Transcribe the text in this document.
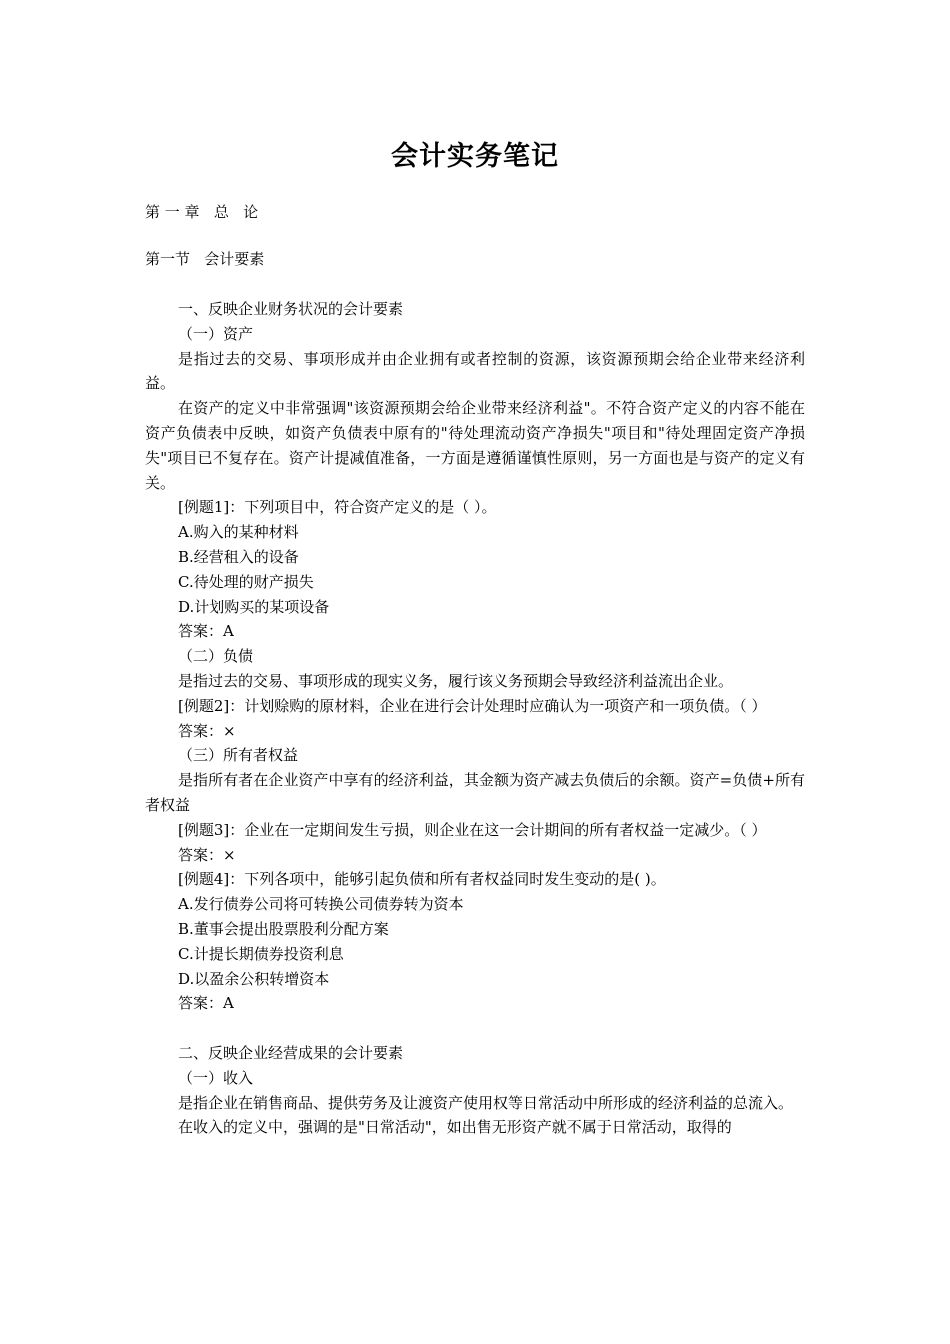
会计实务笔记
第 一 章   总   论
第一节   会计要素

一、反映企业财务状况的会计要素

（一）资产

是指过去的交易、事项形成并由企业拥有或者控制的资源，该资源预期会给企业带来经济利益。

在资产的定义中非常强调"该资源预期会给企业带来经济利益"。不符合资产定义的内容不能在资产负债表中反映，如资产负债表中原有的"待处理流动资产净损失"项目和"待处理固定资产净损失"项目已不复存在。资产计提减值准备，一方面是遵循谨慎性原则，另一方面也是与资产的定义有关。

[例题1]：下列项目中，符合资产定义的是（ ）。

A.购入的某种材料

B.经营租入的设备

C.待处理的财产损失

D.计划购买的某项设备

答案：A

（二）负债

是指过去的交易、事项形成的现实义务，履行该义务预期会导致经济利益流出企业。

[例题2]：计划赊购的原材料，企业在进行会计处理时应确认为一项资产和一项负债。（ ）

答案：×

（三）所有者权益

是指所有者在企业资产中享有的经济利益，其金额为资产减去负债后的余额。资产=负债+所有者权益

[例题3]：企业在一定期间发生亏损，则企业在这一会计期间的所有者权益一定减少。（ ）

答案：×

[例题4]：下列各项中，能够引起负债和所有者权益同时发生变动的是( )。

A.发行债券公司将可转换公司债券转为资本

B.董事会提出股票股利分配方案

C.计提长期债券投资利息

D.以盈余公积转增资本

答案：A

二、反映企业经营成果的会计要素

（一）收入

是指企业在销售商品、提供劳务及让渡资产使用权等日常活动中所形成的经济利益的总流入。

在收入的定义中，强调的是"日常活动"，如出售无形资产就不属于日常活动，取得的
